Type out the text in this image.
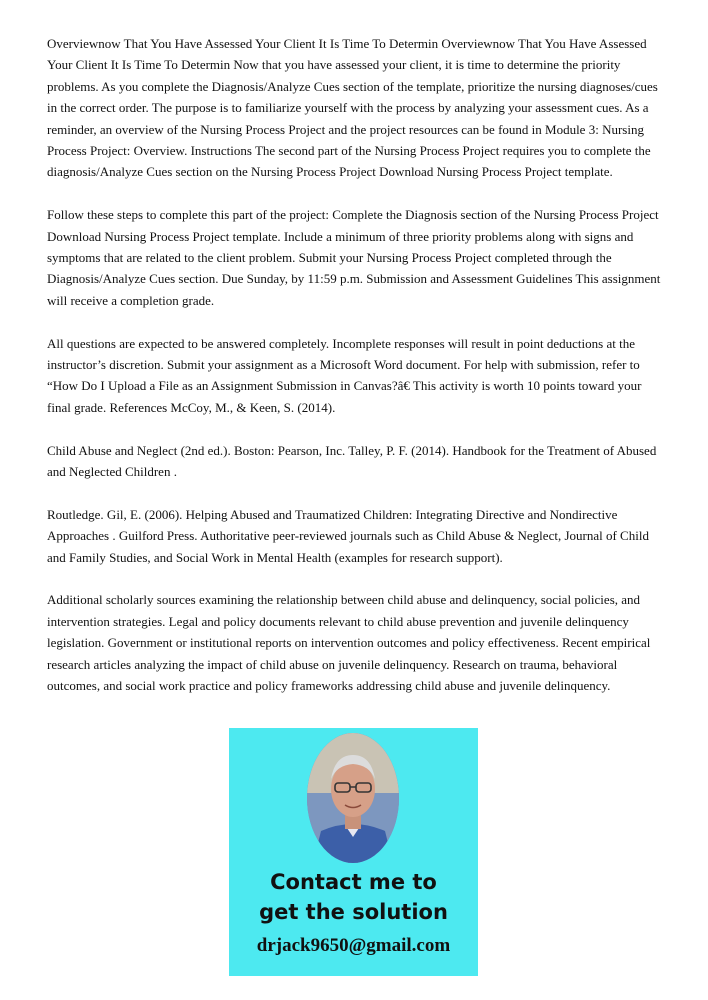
Overviewnow That You Have Assessed Your Client It Is Time To Determin Overviewnow That You Have Assessed Your Client It Is Time To Determin Now that you have assessed your client, it is time to determine the priority problems. As you complete the Diagnosis/Analyze Cues section of the template, prioritize the nursing diagnoses/cues in the correct order. The purpose is to familiarize yourself with the process by analyzing your assessment cues. As a reminder, an overview of the Nursing Process Project and the project resources can be found in Module 3: Nursing Process Project: Overview. Instructions The second part of the Nursing Process Project requires you to complete the diagnosis/Analyze Cues section on the Nursing Process Project Download Nursing Process Project template.

Follow these steps to complete this part of the project: Complete the Diagnosis section of the Nursing Process Project Download Nursing Process Project template. Include a minimum of three priority problems along with signs and symptoms that are related to the client problem. Submit your Nursing Process Project completed through the Diagnosis/Analyze Cues section. Due Sunday, by 11:59 p.m. Submission and Assessment Guidelines This assignment will receive a completion grade.

All questions are expected to be answered completely. Incomplete responses will result in point deductions at the instructor’s discretion. Submit your assignment as a Microsoft Word document. For help with submission, refer to “How Do I Upload a File as an Assignment Submission in Canvas?â€ This activity is worth 10 points toward your final grade. References McCoy, M., & Keen, S. (2014).

Child Abuse and Neglect (2nd ed.). Boston: Pearson, Inc. Talley, P. F. (2014). Handbook for the Treatment of Abused and Neglected Children .

Routledge. Gil, E. (2006). Helping Abused and Traumatized Children: Integrating Directive and Nondirective Approaches . Guilford Press. Authoritative peer-reviewed journals such as Child Abuse & Neglect, Journal of Child and Family Studies, and Social Work in Mental Health (examples for research support).

Additional scholarly sources examining the relationship between child abuse and delinquency, social policies, and intervention strategies. Legal and policy documents relevant to child abuse prevention and juvenile delinquency legislation. Government or institutional reports on intervention outcomes and policy effectiveness. Recent empirical research articles analyzing the impact of child abuse on juvenile delinquency. Research on trauma, behavioral outcomes, and social work practice and policy frameworks addressing child abuse and juvenile delinquency.

Contact me to
get the solution
drjack9650@gmail.com
